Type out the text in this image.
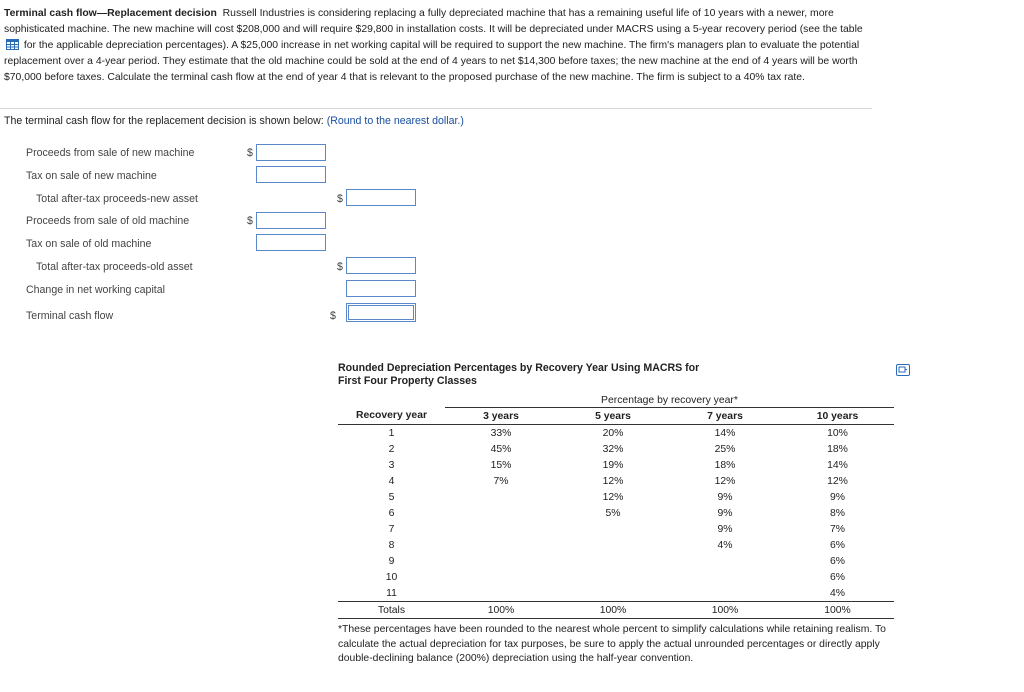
Terminal cash flow—Replacement decision Russell Industries is considering replacing a fully depreciated machine that has a remaining useful life of 10 years with a newer, more sophisticated machine. The new machine will cost $208,000 and will require $29,800 in installation costs. It will be depreciated under MACRS using a 5-year recovery period (see the table  for the applicable depreciation percentages). A $25,000 increase in net working capital will be required to support the new machine. The firm's managers plan to evaluate the potential replacement over a 4-year period. They estimate that the old machine could be sold at the end of 4 years to net $14,300 before taxes; the new machine at the end of 4 years will be worth $70,000 before taxes. Calculate the terminal cash flow at the end of year 4 that is relevant to the proposed purchase of the new machine. The firm is subject to a 40% tax rate.
The terminal cash flow for the replacement decision is shown below: (Round to the nearest dollar.)
Proceeds from sale of new machine	$
Tax on sale of new machine
Total after-tax proceeds-new asset	$
Proceeds from sale of old machine	$
Tax on sale of old machine
Total after-tax proceeds-old asset	$
Change in net working capital
Terminal cash flow	$
Rounded Depreciation Percentages by Recovery Year Using MACRS for
First Four Property Classes
	Percentage by recovery year*			
Recovery year	3 years	5 years	7 years	10 years
1	33%	20%	14%	10%
2	45%	32%	25%	18%
3	15%	19%	18%	14%
4	7%	12%	12%	12%
5		12%	9%	9%
6		5%	9%	8%
7			9%	7%
8			4%	6%
9				6%
10				6%
11				4%
Totals	100%	100%	100%	100%
*These percentages have been rounded to the nearest whole percent to simplify calculations while retaining realism. To calculate the actual depreciation for tax purposes, be sure to apply the actual unrounded percentages or directly apply double-declining balance (200%) depreciation using the half-year convention.
